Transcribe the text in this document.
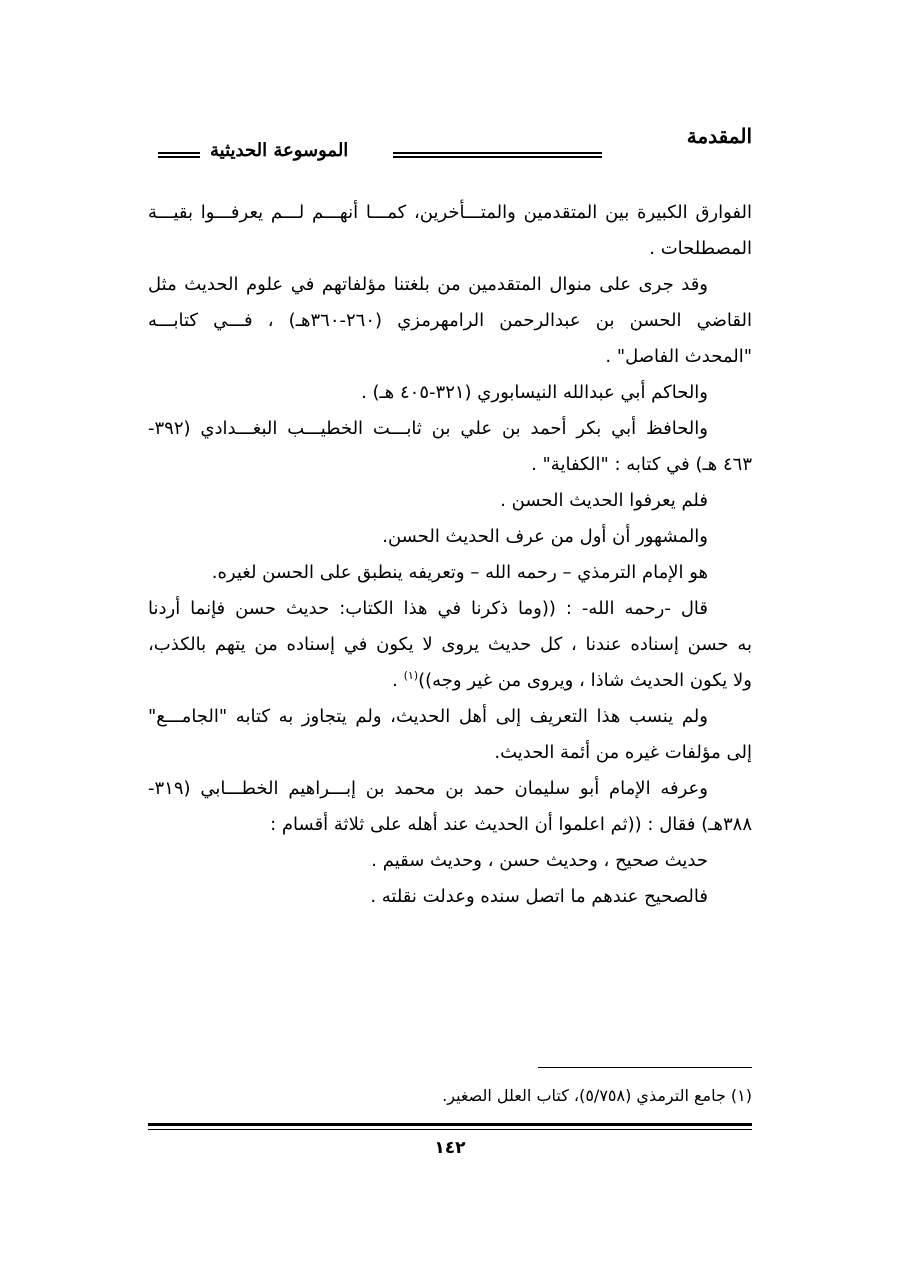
المقدمة
الموسوعة الحديثية
الفوارق الكبيرة بين المتقدمين والمتـــأخرين، كمـــا أنهـــم لـــم يعرفـــوا بقيـــة
المصطلحات .
وقد جرى على منوال المتقدمين من بلغتنا مؤلفاتهم في علوم الحديث مثل
القاضي الحسن بن عبدالرحمن الرامهرمزي (٢٦٠-٣٦٠هـ) ، فـــي كتابـــه
"المحدث الفاصل" .
والحاكم أبي عبدالله النيسابوري (٣٢١-٤٠٥ هـ) .
والحافظ أبي بكر أحمد بن علي بن ثابـــت الخطيـــب البغـــدادي (٣٩٢-
٤٦٣ هـ) في كتابه : "الكفاية" .
فلم يعرفوا الحديث الحسن .
والمشهور أن أول من عرف الحديث الحسن.
هو الإمام الترمذي – رحمه الله – وتعريفه ينطبق على الحسن لغيره.
قال -رحمه الله- : ((وما ذكرنا في هذا الكتاب: حديث حسن فإنما أردنا
به حسن إسناده عندنا ، كل حديث يروى لا يكون في إسناده من يتهم بالكذب،
ولا يكون الحديث شاذا ، ويروى من غير وجه))$^{(١)}$ .
ولم ينسب هذا التعريف إلى أهل الحديث، ولم يتجاوز به كتابه "الجامـــع"
إلى مؤلفات غيره من أئمة الحديث.
وعرفه الإمام أبو سليمان حمد بن محمد بن إبـــراهيم الخطـــابي (٣١٩-
٣٨٨هـ) فقال : ((ثم اعلموا أن الحديث عند أهله على ثلاثة أقسام :
حديث صحيح ، وحديث حسن ، وحديث سقيم .
فالصحيح عندهم ما اتصل سنده وعدلت نقلته .
(١) جامع الترمذي (٥/٧٥٨)، كتاب العلل الصغير.
١٤٢
